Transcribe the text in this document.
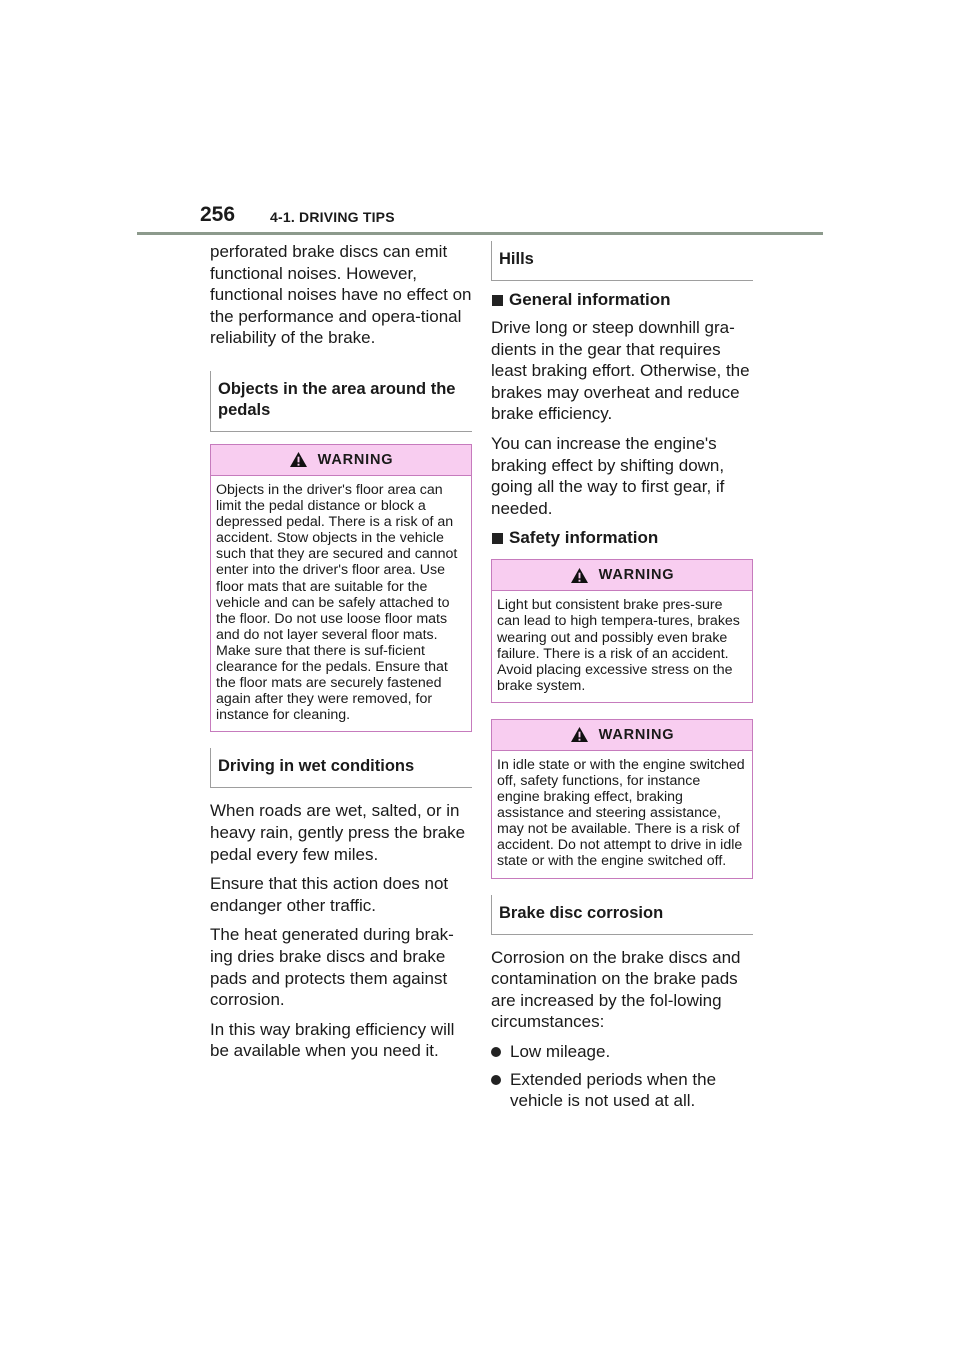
256 4-1. DRIVING TIPS

perforated brake discs can emit functional noises. However, functional noises have no effect on the performance and opera-tional reliability of the brake.

Objects in the area around the pedals
WARNING
Objects in the driver's floor area can limit the pedal distance or block a depressed pedal. There is a risk of an accident. Stow objects in the vehicle such that they are secured and cannot enter into the driver's floor area. Use floor mats that are suitable for the vehicle and can be safely attached to the floor. Do not use loose floor mats and do not layer several floor mats. Make sure that there is suf-ficient clearance for the pedals. Ensure that the floor mats are securely fastened again after they were removed, for instance for cleaning.
Driving in wet conditions

When roads are wet, salted, or in heavy rain, gently press the brake pedal every few miles.

Ensure that this action does not endanger other traffic.

The heat generated during brak-ing dries brake discs and brake pads and protects them against corrosion.

In this way braking efficiency will be available when you need it.

Hills
General information

Drive long or steep downhill gra-dients in the gear that requires least braking effort. Otherwise, the brakes may overheat and reduce brake efficiency.

You can increase the engine's braking effect by shifting down, going all the way to first gear, if needed.

Safety information
WARNING
Light but consistent brake pres-sure can lead to high tempera-tures, brakes wearing out and possibly even brake failure. There is a risk of an accident. Avoid placing excessive stress on the brake system.
WARNING
In idle state or with the engine switched off, safety functions, for instance engine braking effect, braking assistance and steering assistance, may not be available. There is a risk of accident. Do not attempt to drive in idle state or with the engine switched off.
Brake disc corrosion

Corrosion on the brake discs and contamination on the brake pads are increased by the fol-lowing circumstances:

Low mileage.
Extended periods when the vehicle is not used at all.
